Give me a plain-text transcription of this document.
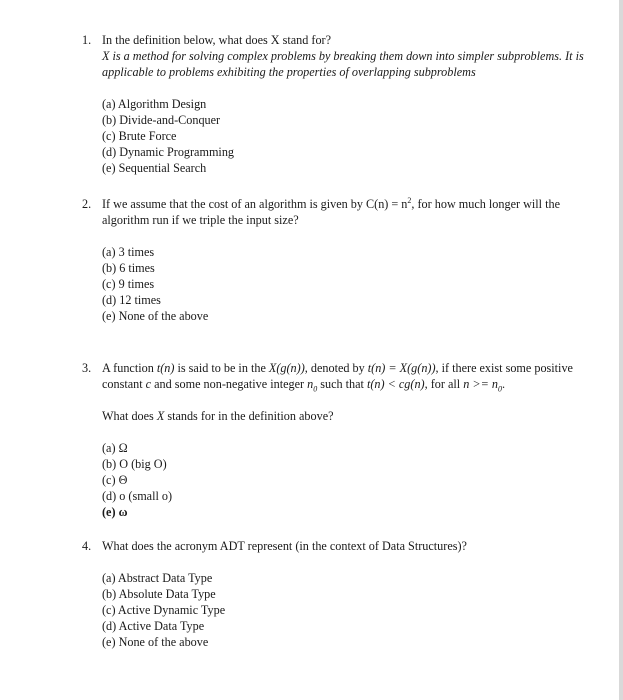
1. In the definition below, what does X stand for?
X is a method for solving complex problems by breaking them down into simpler subproblems. It is applicable to problems exhibiting the properties of overlapping subproblems
(a) Algorithm Design
(b) Divide-and-Conquer
(c) Brute Force
(d) Dynamic Programming
(e) Sequential Search
2. If we assume that the cost of an algorithm is given by $C(n) = n^2$, for how much longer will the algorithm run if we triple the input size?
(a) 3 times
(b) 6 times
(c) 9 times
(d) 12 times
(e) None of the above
3. A function t(n) is said to be in the X(g(n)), denoted by t(n) = X(g(n)), if there exist some positive constant c and some non-negative integer $n_0$ such that t(n) < cg(n), for all $n >= n_0$.
What does X stands for in the definition above?
(a) Ω
(b) O (big O)
(c) Θ
(d) o (small o)
(e) ω
4. What does the acronym ADT represent (in the context of Data Structures)?
(a) Abstract Data Type
(b) Absolute Data Type
(c) Active Dynamic Type
(d) Active Data Type
(e) None of the above
